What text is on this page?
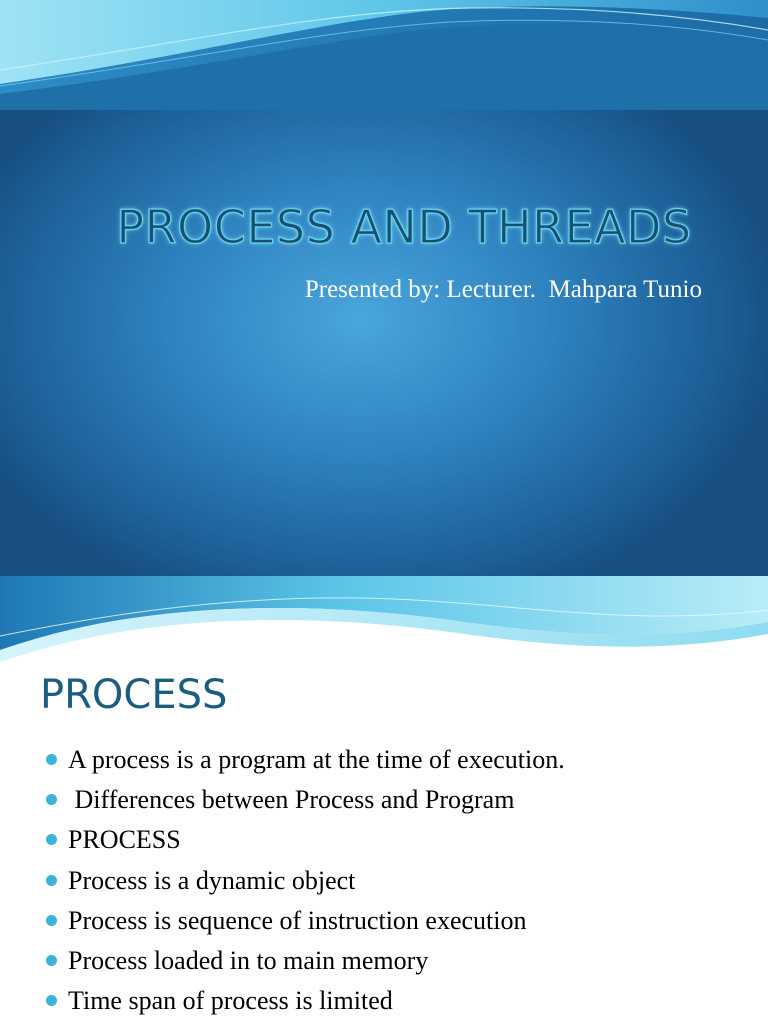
PROCESS AND THREADS
Presented by: Lecturer.  Mahpara Tunio
PROCESS
A process is a program at the time of execution.
Differences between Process and Program
PROCESS
Process is a dynamic object
Process is sequence of instruction execution
Process loaded in to main memory
Time span of process is limited
